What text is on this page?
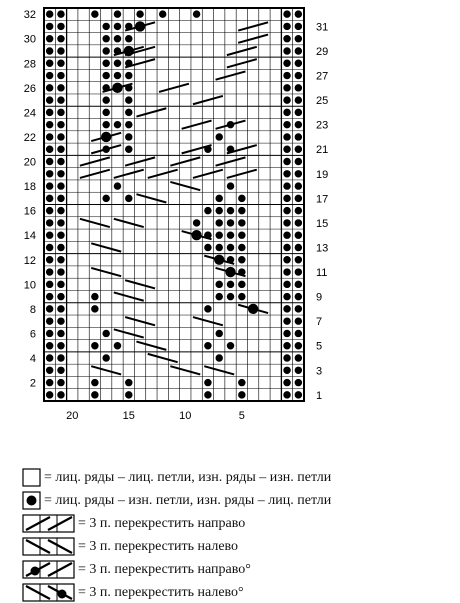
2
4
6
8
10
12
14
16
18
20
22
24
26
28
30
32
1
3
5
7
9
11
13
15
17
19
21
23
25
27
29
31
20	15	10	5
= лиц. ряды – лиц. петли, изн. ряды – изн. петли
= лиц. ряды – изн. петли, изн. ряды – лиц. петли
= 3 п. перекрестить направо
= 3 п. перекрестить налево
= 3 п. перекрестить направо°
= 3 п. перекрестить налево°
